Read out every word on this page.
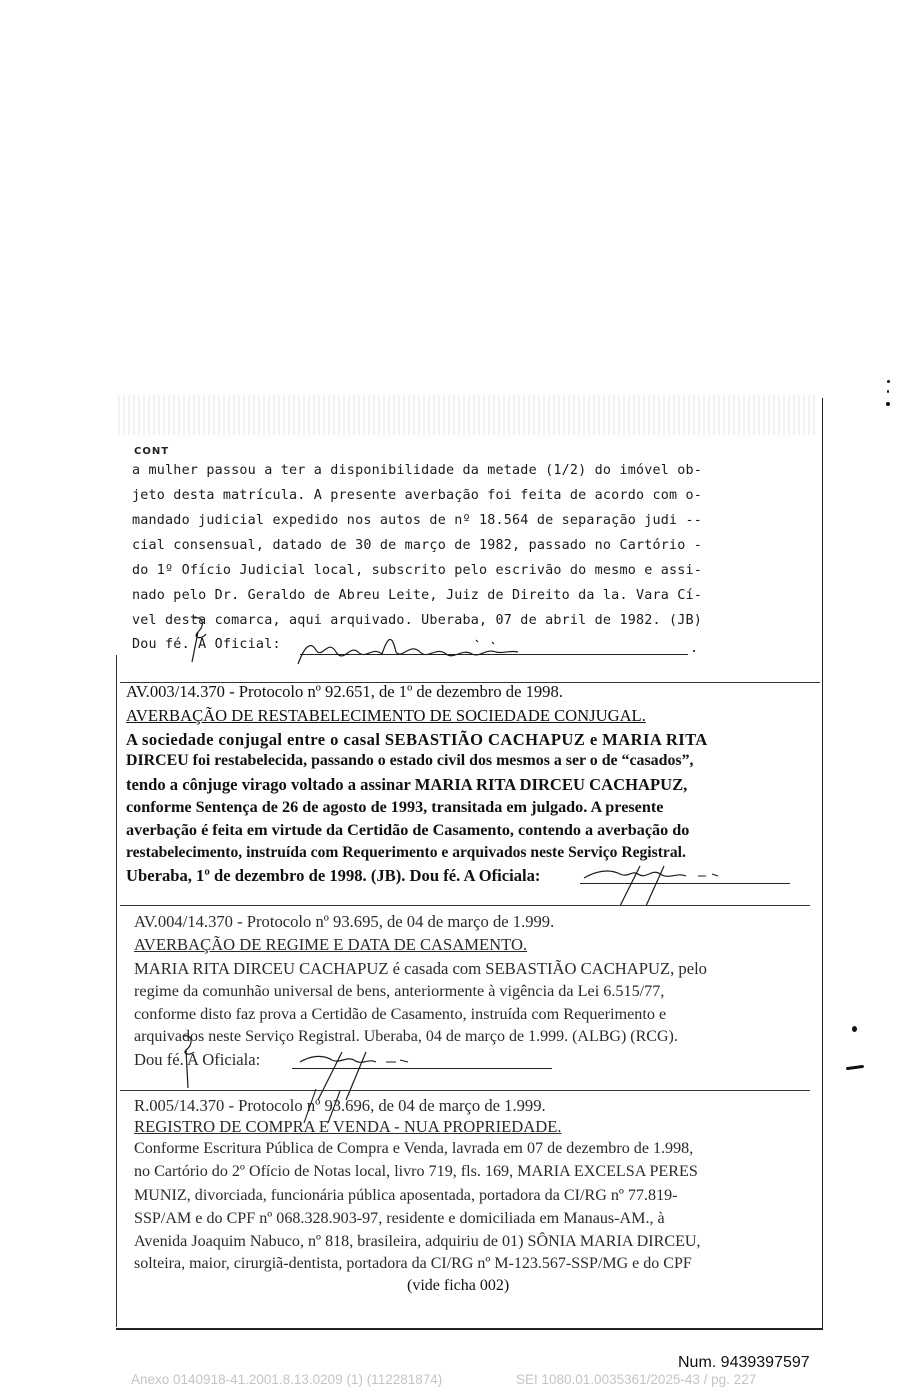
CONT
a mulher passou a ter a disponibilidade da metade (1/2) do imóvel ob-
jeto desta matrícula. A presente averbação foi feita de acordo com o-
mandado judicial expedido nos autos de nº 18.564 de separação judi --
cial consensual, datado de 30 de março de 1982, passado no Cartório -
do 1º Ofício Judicial local, subscrito pelo escrivão do mesmo e assi-
nado pelo Dr. Geraldo de Abreu Leite, Juiz de Direito da la. Vara Cí-
vel desta comarca, aqui arquivado. Uberaba, 07 de abril de 1982. (JB)
Dou fé. A Oficial:	.
AV.003/14.370 - Protocolo nº 92.651, de 1º de dezembro de 1998.
AVERBAÇÃO DE RESTABELECIMENTO DE SOCIEDADE CONJUGAL.
A sociedade conjugal entre o casal SEBASTIÃO CACHAPUZ e MARIA RITA
DIRCEU foi restabelecida, passando o estado civil dos mesmos a ser o de “casados”,
tendo a cônjuge virago voltado a assinar MARIA RITA DIRCEU CACHAPUZ,
conforme Sentença de 26 de agosto de 1993, transitada em julgado. A presente
averbação é feita em virtude da Certidão de Casamento, contendo a averbação do
restabelecimento, instruída com Requerimento e arquivados neste Serviço Registral.
Uberaba, 1º de dezembro de 1998. (JB). Dou fé. A Oficiala:
AV.004/14.370 - Protocolo nº 93.695, de 04 de março de 1.999.
AVERBAÇÃO DE REGIME E DATA DE CASAMENTO.
MARIA RITA DIRCEU CACHAPUZ é casada com SEBASTIÃO CACHAPUZ, pelo
regime da comunhão universal de bens, anteriormente à vigência da Lei 6.515/77,
conforme disto faz prova a Certidão de Casamento, instruída com Requerimento e
arquivados neste Serviço Registral. Uberaba, 04 de março de 1.999. (ALBG) (RCG).
Dou fé. A Oficiala:
R.005/14.370 - Protocolo nº 93.696, de 04 de março de 1.999.
REGISTRO DE COMPRA E VENDA - NUA PROPRIEDADE.
Conforme Escritura Pública de Compra e Venda, lavrada em 07 de dezembro de 1.998,
no Cartório do 2º Ofício de Notas local, livro 719, fls. 169, MARIA EXCELSA PERES
MUNIZ, divorciada, funcionária pública aposentada, portadora da CI/RG nº 77.819-
SSP/AM e do CPF nº 068.328.903-97, residente e domiciliada em Manaus-AM., à
Avenida Joaquim Nabuco, nº 818, brasileira, adquiriu de 01) SÔNIA MARIA DIRCEU,
solteira, maior, cirurgiã-dentista, portadora da CI/RG nº M-123.567-SSP/MG e do CPF
(vide ficha 002)
Num. 9439397597
Anexo 0140918-41.2001.8.13.0209 (1) (112281874)	SEI 1080.01.0035361/2025-43 / pg. 227
